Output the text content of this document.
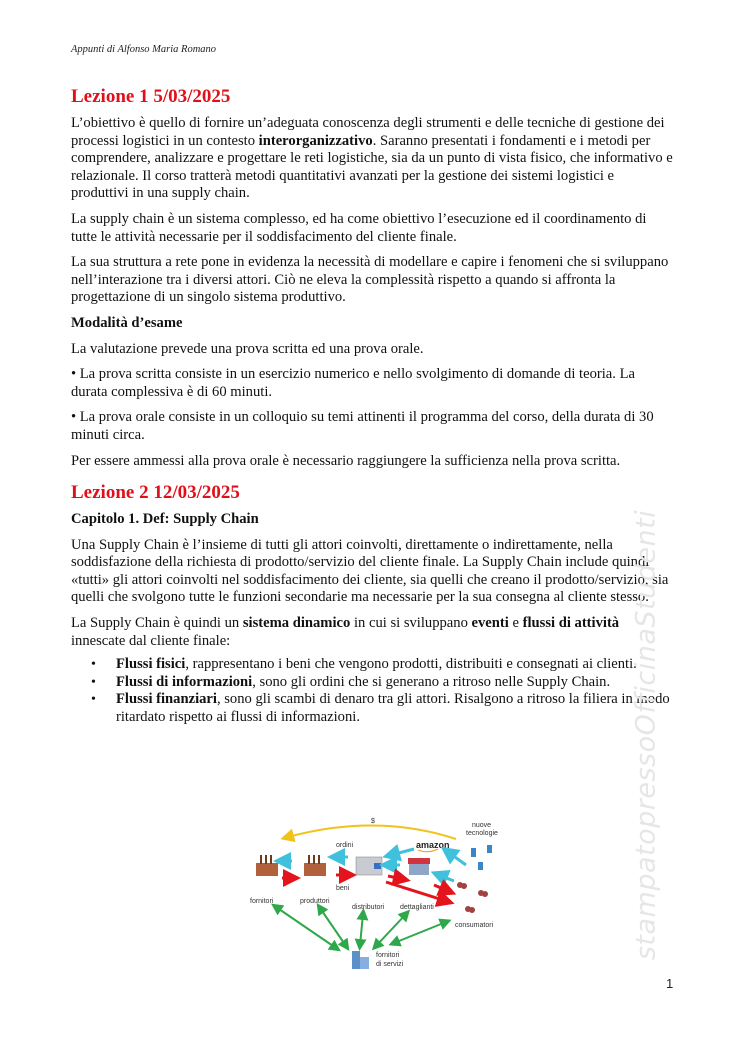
Appunti di Alfonso Maria Romano
Lezione 1 5/03/2025

L’obiettivo è quello di fornire un’adeguata conoscenza degli strumenti e delle tecniche di gestione dei processi logistici in un contesto interorganizzativo. Saranno presentati i fondamenti e i metodi per comprendere, analizzare e progettare le reti logistiche, sia da un punto di vista fisico, che informativo e relazionale. Il corso tratterà metodi quantitativi avanzati per la gestione dei sistemi logistici e produttivi in una supply chain.

La supply chain è un sistema complesso, ed ha come obiettivo l’esecuzione ed il coordinamento di tutte le attività necessarie per il soddisfacimento del cliente finale.

La sua struttura a rete pone in evidenza la necessità di modellare e capire i fenomeni che si sviluppano nell’interazione tra i diversi attori. Ciò ne eleva la complessità rispetto a quando si affronta la progettazione di un singolo sistema produttivo.

Modalità d’esame

La valutazione prevede una prova scritta ed una prova orale.

• La prova scritta consiste in un esercizio numerico e nello svolgimento di domande di teoria. La durata complessiva è di 60 minuti.

• La prova orale consiste in un colloquio su temi attinenti il programma del corso, della durata di 30 minuti circa.

Per essere ammessi alla prova orale è necessario raggiungere la sufficienza nella prova scritta.

Lezione 2 12/03/2025
Capitolo 1. Def: Supply Chain

Una Supply Chain è l’insieme di tutti gli attori coinvolti, direttamente o indirettamente, nella soddisfazione della richiesta di prodotto/servizio del cliente finale. La Supply Chain include quindi «tutti» gli attori coinvolti nel soddisfacimento dei cliente, sia quelli che creano il prodotto/servizio, sia quelli che svolgono tutte le funzioni secondarie ma necessarie per la sua consegna al cliente stesso.

La Supply Chain è quindi un sistema dinamico in cui si sviluppano eventi e flussi di attività innescate dal cliente finale:

• Flussi fisici, rappresentano i beni che vengono prodotti, distribuiti e consegnati ai clienti.
• Flussi di informazioni, sono gli ordini che si generano a ritroso nelle Supply Chain.
• Flussi finanziari, sono gli scambi di denaro tra gli attori. Risalgono a ritroso la filiera in modo ritardato rispetto ai flussi di informazioni.
$
amazon
ordini
beni
fornitori	produttori
distributori dettaglianti
consumatori
nuove
tecnologie
fornitori
di servizi
stampatopressoOfficinaStudenti
1
